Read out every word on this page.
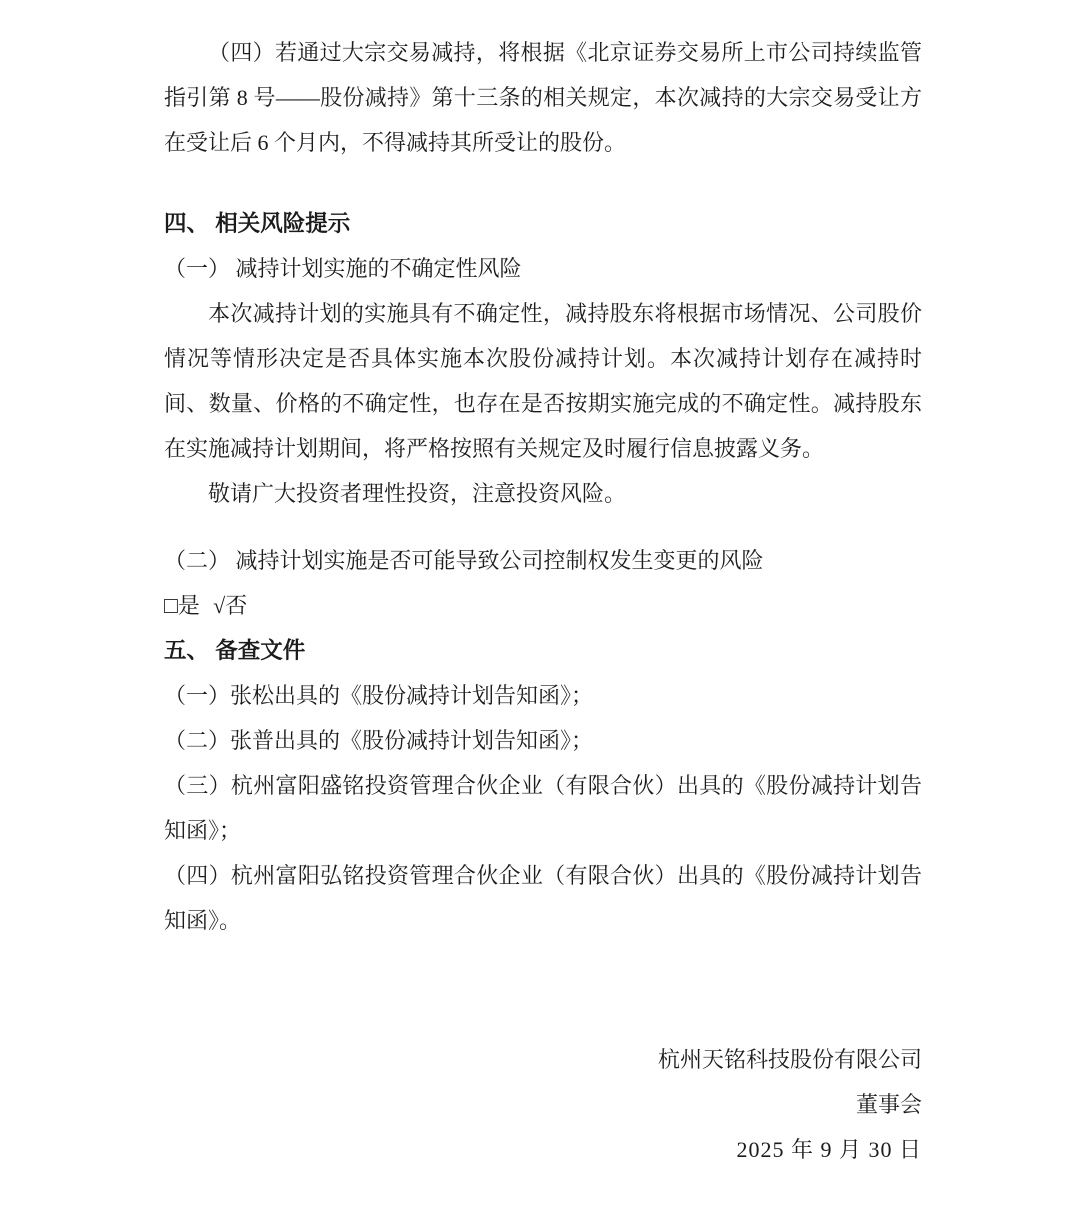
（四）若通过大宗交易减持，将根据《北京证券交易所上市公司持续监管指引第 8 号——股份减持》第十三条的相关规定，本次减持的大宗交易受让方在受让后 6 个月内，不得减持其所受让的股份。

四、 相关风险提示

（一） 减持计划实施的不确定性风险

本次减持计划的实施具有不确定性，减持股东将根据市场情况、公司股价情况等情形决定是否具体实施本次股份减持计划。本次减持计划存在减持时间、数量、价格的不确定性，也存在是否按期实施完成的不确定性。减持股东在实施减持计划期间，将严格按照有关规定及时履行信息披露义务。

敬请广大投资者理性投资，注意投资风险。

（二） 减持计划实施是否可能导致公司控制权发生变更的风险

□是 √否

五、 备查文件

（一）张松出具的《股份减持计划告知函》；

（二）张普出具的《股份减持计划告知函》；

（三）杭州富阳盛铭投资管理合伙企业（有限合伙）出具的《股份减持计划告知函》；

（四）杭州富阳弘铭投资管理合伙企业（有限合伙）出具的《股份减持计划告知函》。

杭州天铭科技股份有限公司

董事会

2025 年 9 月 30 日
